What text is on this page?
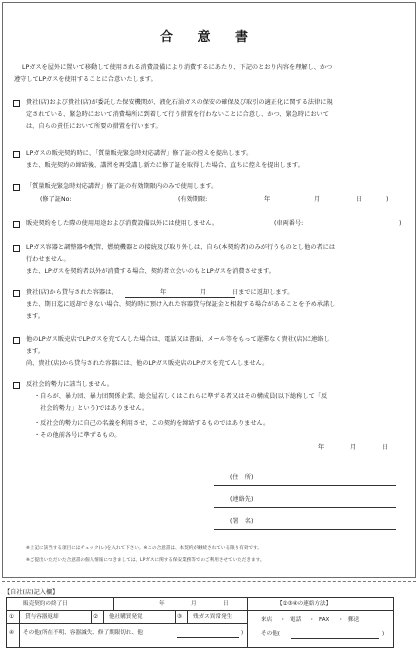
合 意 書
LPガスを屋外に置いて移動して使用される消費設備により消費するにあたり、下記のとおり内容を理解し、かつ
遵守してLPガスを使用することに合意いたします。
貴社(店)および貴社(店)が委託した保安機関が、液化石油ガスの保安の確保及び取引の適正化に関する法律に規
定されている、緊急時において消費場所に到着して行う措置を行わないことに合意し、かつ、緊急時において
は、自らの責任において所要の措置を行います。
LPガスの販売契約時に、「質量販売緊急時対応講習」修了証の控えを提出します。
また、販売契約の締結後、講習を再受講し新たに修了証を取得した場合、直ちに控えを提出します。
「質量販売緊急時対応講習」修了証の有効期限内のみで使用します。
(修了証No:	(有効期限:	年	月	日	)
販売契約をした際の使用用途および消費設備以外には使用しません。	(車両番号:	)
LPガス容器と調整器や配管、燃焼機器との接続及び取り外しは、自ら(本契約者)のみが行うものとし他の者には
行わせません。
また、LPガスを契約者以外が消費する場合、契約者立会いのもとLPガスを消費させます。
貴社(店)から貸与された容器は、	年	月	日までに返却します。
また、期日迄に返却できない場合、契約時に預け入れた容器貸与保証金と相殺する場合があることを予め承諾し
ます。
他のLPガス販売店でLPガスを充てんした場合は、電話又は書面、メール等をもって遅滞なく貴社(店)に連絡し
ます。
尚、貴社(店)から貸与された容器には、他のLPガス販売店のLPガスを充てんしません。
反社会的勢力に該当しません。
・自らが、暴力団、暴力団関係企業、総会屋若しくはこれらに準ずる者又はその構成員(以下総称して「反
　社会的勢力」という)ではありません。
・反社会的勢力に自己の名義を利用させ、この契約を締結するものではありません。
・その他前各号に準ずるもの。
年	月	日
(住　所)
(連絡先)
(署　名)
※上記に該当する項目にはチェック(レ)を入れて下さい。※この合意書は、本契約が継続されている限り有効です。
※ご提出いただいた合意書の個人情報につきましては、LPガスに関する保安業務等でのご利用させていただきます。
【自社(店)記入欄】
販売契約の終了日	年	月	日	【②③④の連絡方法】
① 貸与容器返却	② 他社購買発覚	③ 残ガス異常発生
④ その他(所在不明、容器滅失、修了期限切れ、他	)
来店 ・ 電話 ・ FAX ・ 郵送
その他(	)
